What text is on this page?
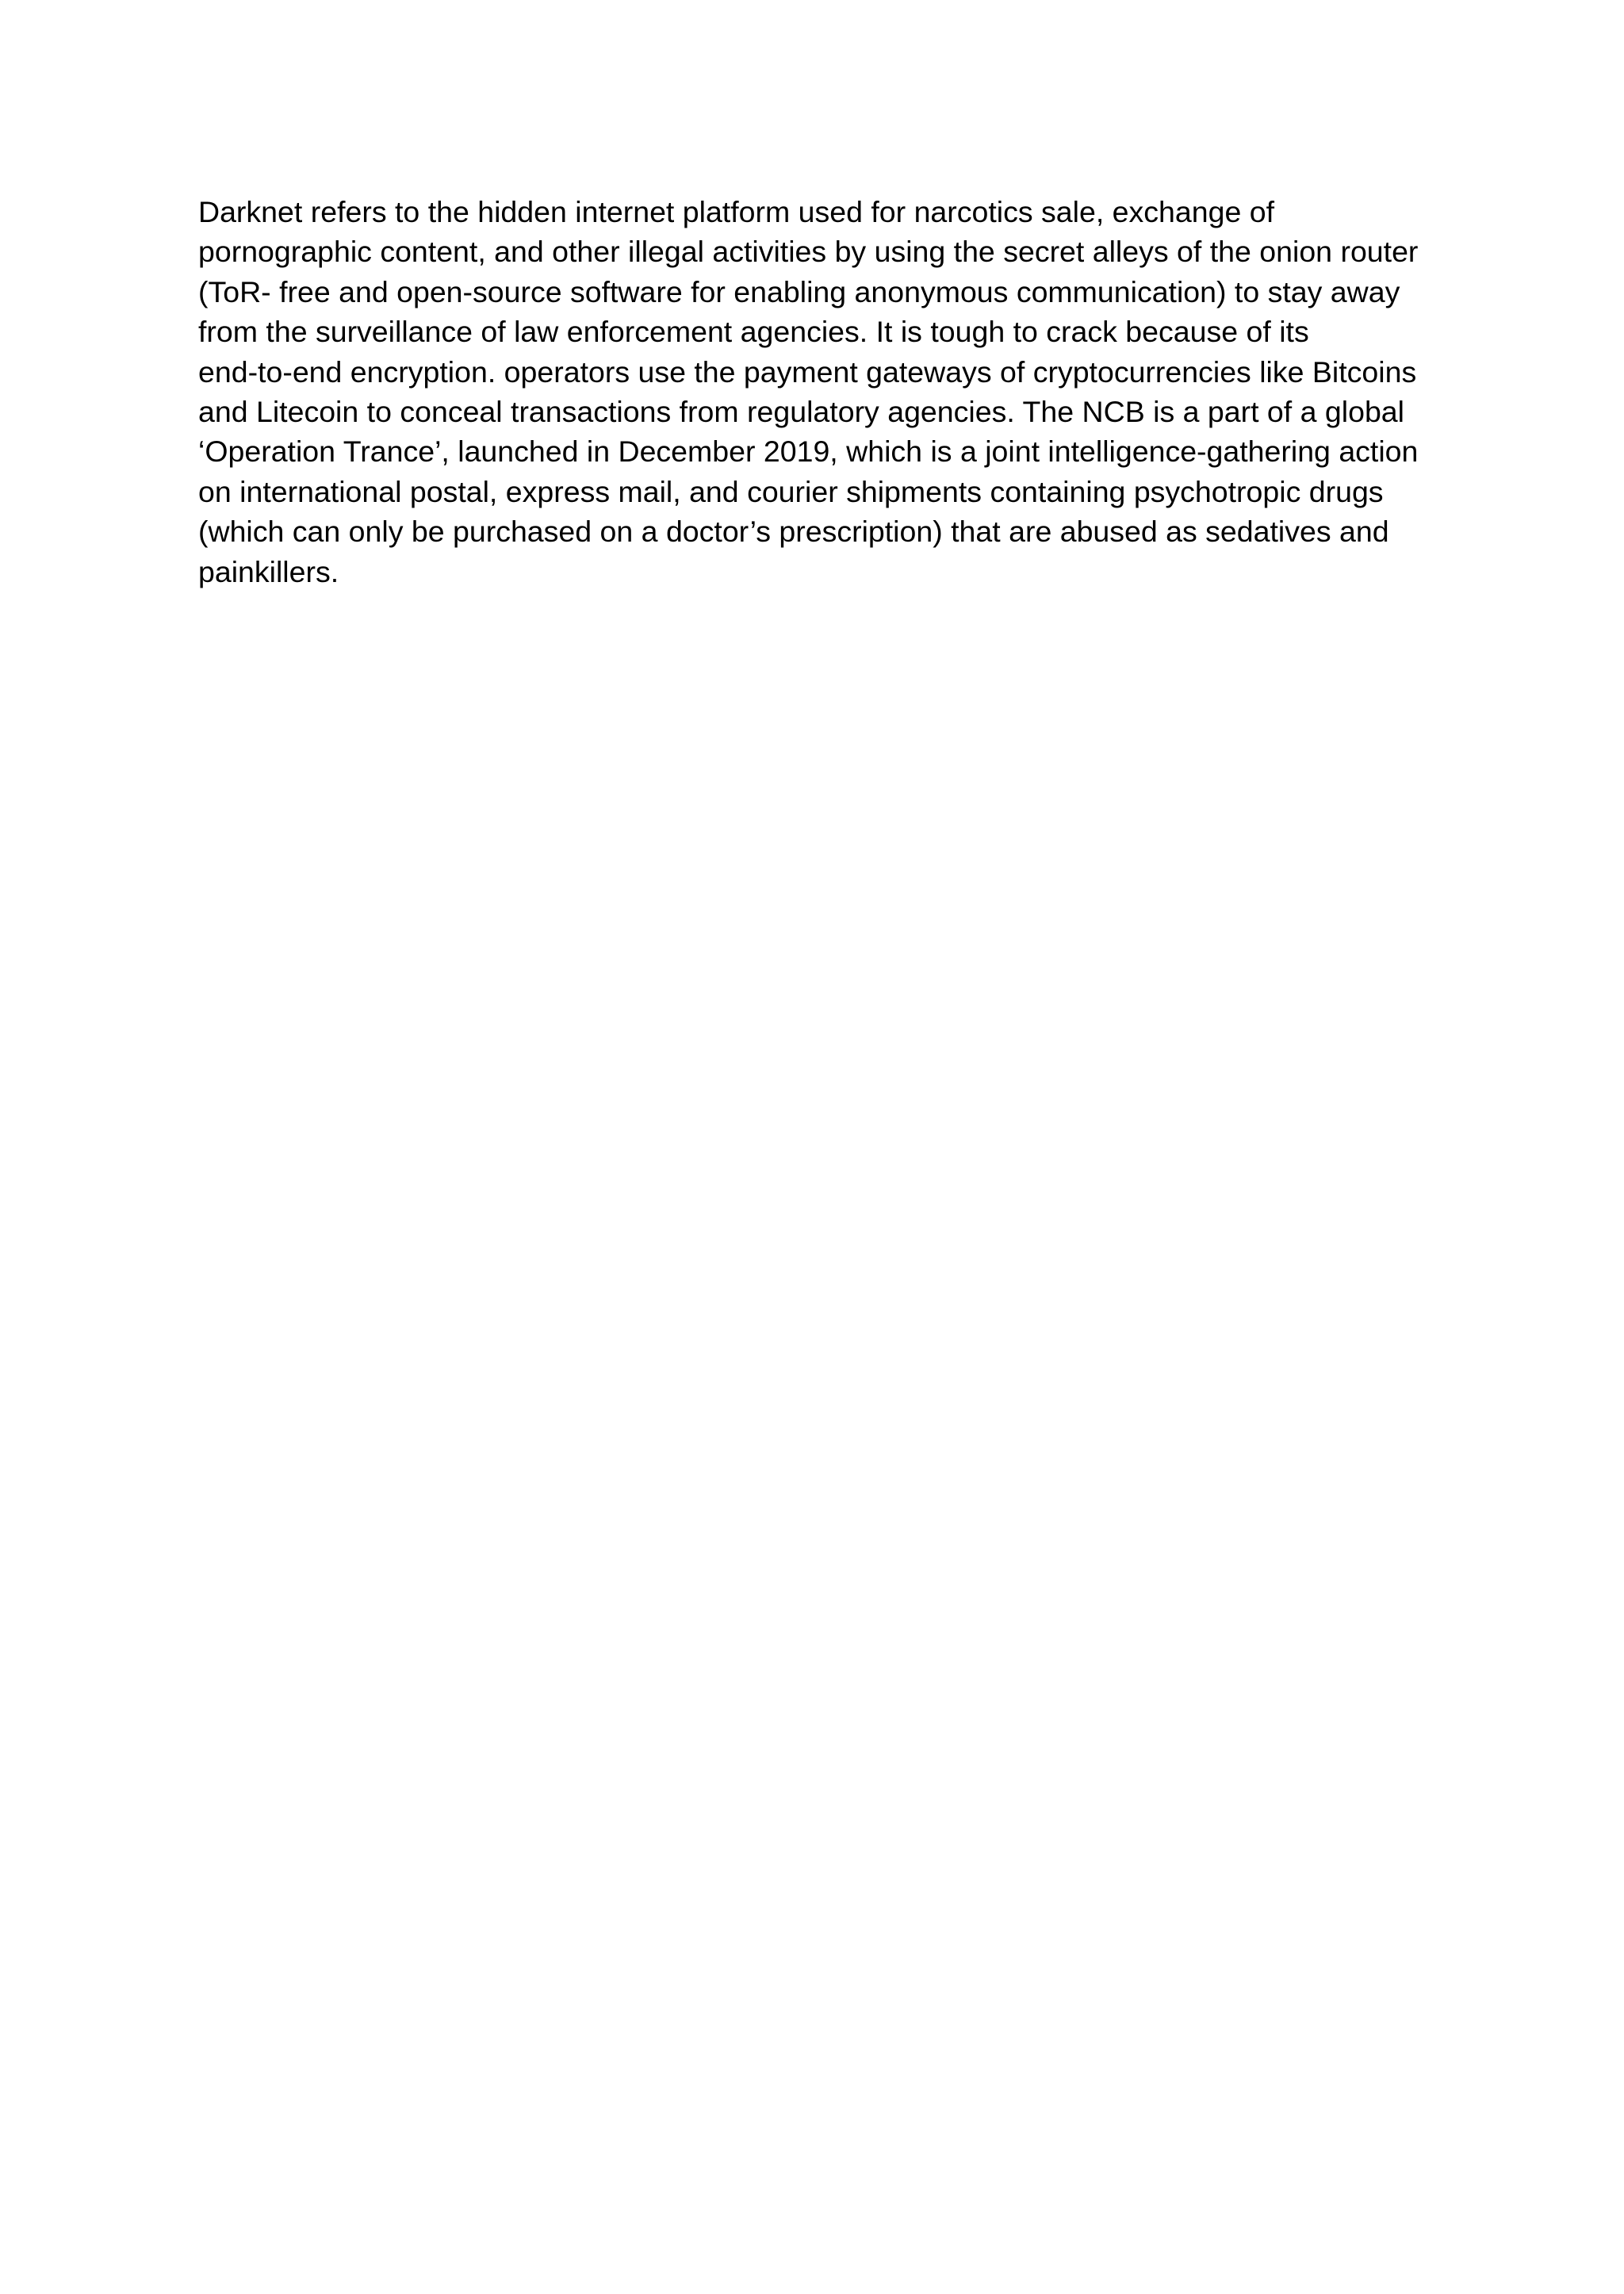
Darknet refers to the hidden internet platform used for narcotics sale, exchange of
pornographic content, and other illegal activities by using the secret alleys of the onion router
(ToR- free and open-source software for enabling anonymous communication) to stay away
from the surveillance of law enforcement agencies. It is tough to crack because of its
end-to-end encryption. operators use the payment gateways of cryptocurrencies like Bitcoins
and Litecoin to conceal transactions from regulatory agencies. The NCB is a part of a global
‘Operation Trance’, launched in December 2019, which is a joint intelligence-gathering action
on international postal, express mail, and courier shipments containing psychotropic drugs
(which can only be purchased on a doctor’s prescription) that are abused as sedatives and
painkillers.
